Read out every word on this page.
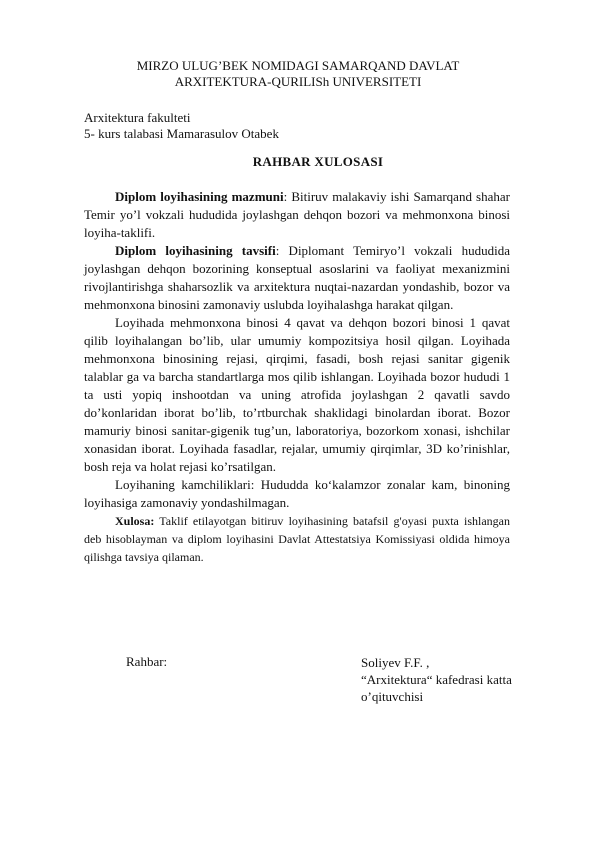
MIRZO ULUG’BEK NOMIDAGI SAMARQAND DAVLAT
ARXITEKTURA-QURILISh UNIVERSITETI
Arxitektura fakulteti
5- kurs talabasi Mamarasulov Otabek
RAHBAR XULOSASI

Diplom loyihasining mazmuni: Bitiruv malakaviy ishi Samarqand shahar Temir yo’l vokzali hududida joylashgan dehqon bozori va mehmonxona binosi loyiha-taklifi.

Diplom loyihasining tavsifi: Diplomant Temiryo’l vokzali hududida joylashgan dehqon bozorining konseptual asoslarini va faoliyat mexanizmini rivojlantirishga shaharsozlik va arxitektura nuqtai-nazardan yondashib, bozor va mehmonxona binosini zamonaviy uslubda loyihalashga harakat qilgan.

Loyihada mehmonxona binosi 4 qavat va dehqon bozori binosi 1 qavat qilib loyihalangan bo’lib, ular umumiy kompozitsiya hosil qilgan. Loyihada mehmonxona binosining rejasi, qirqimi, fasadi, bosh rejasi sanitar gigenik talablar ga va barcha standartlarga mos qilib ishlangan. Loyihada bozor hududi 1 ta usti yopiq inshootdan va uning atrofida joylashgan 2 qavatli savdo do’konlaridan iborat bo’lib, to’rtburchak shaklidagi binolardan iborat. Bozor mamuriy binosi sanitar-gigenik tug’un, laboratoriya, bozorkom xonasi, ishchilar xonasidan iborat. Loyihada fasadlar, rejalar, umumiy qirqimlar, 3D ko’rinishlar, bosh reja va holat rejasi ko’rsatilgan.

Loyihaning kamchiliklari: Hududda ko‘kalamzor zonalar kam, binoning loyihasiga zamonaviy yondashilmagan.

Xulosa: Taklif etilayotgan bitiruv loyihasining batafsil g'oyasi puxta ishlangan deb hisoblayman va diplom loyihasini Davlat Attestatsiya Komissiyasi oldida himoya qilishga tavsiya qilaman.

Rahbar:	Soliyev F.F. ,
“Arxitektura“ kafedrasi katta
o’qituvchisi
